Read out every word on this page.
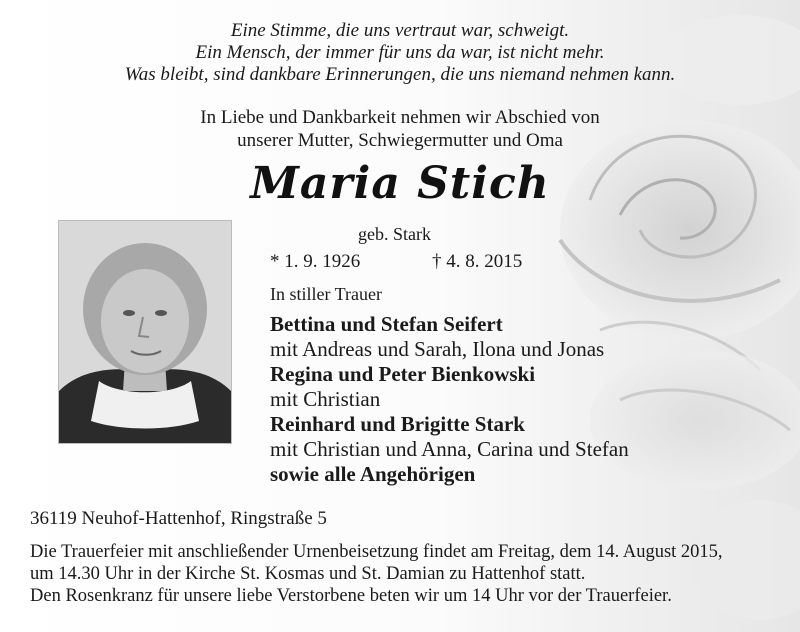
Eine Stimme, die uns vertraut war, schweigt.
Ein Mensch, der immer für uns da war, ist nicht mehr.
Was bleibt, sind dankbare Erinnerungen, die uns niemand nehmen kann.
In Liebe und Dankbarkeit nehmen wir Abschied von
unserer Mutter, Schwiegermutter und Oma
Maria Stich
geb. Stark
* 1. 9. 1926	† 4. 8. 2015
In stiller Trauer
Bettina und Stefan Seifert
mit Andreas und Sarah, Ilona und Jonas
Regina und Peter Bienkowski
mit Christian
Reinhard und Brigitte Stark
mit Christian und Anna, Carina und Stefan
sowie alle Angehörigen
36119 Neuhof-Hattenhof, Ringstraße 5
Die Trauerfeier mit anschließender Urnenbeisetzung findet am Freitag, dem 14. August 2015,
um 14.30 Uhr in der Kirche St. Kosmas und St. Damian zu Hattenhof statt.
Den Rosenkranz für unsere liebe Verstorbene beten wir um 14 Uhr vor der Trauerfeier.
